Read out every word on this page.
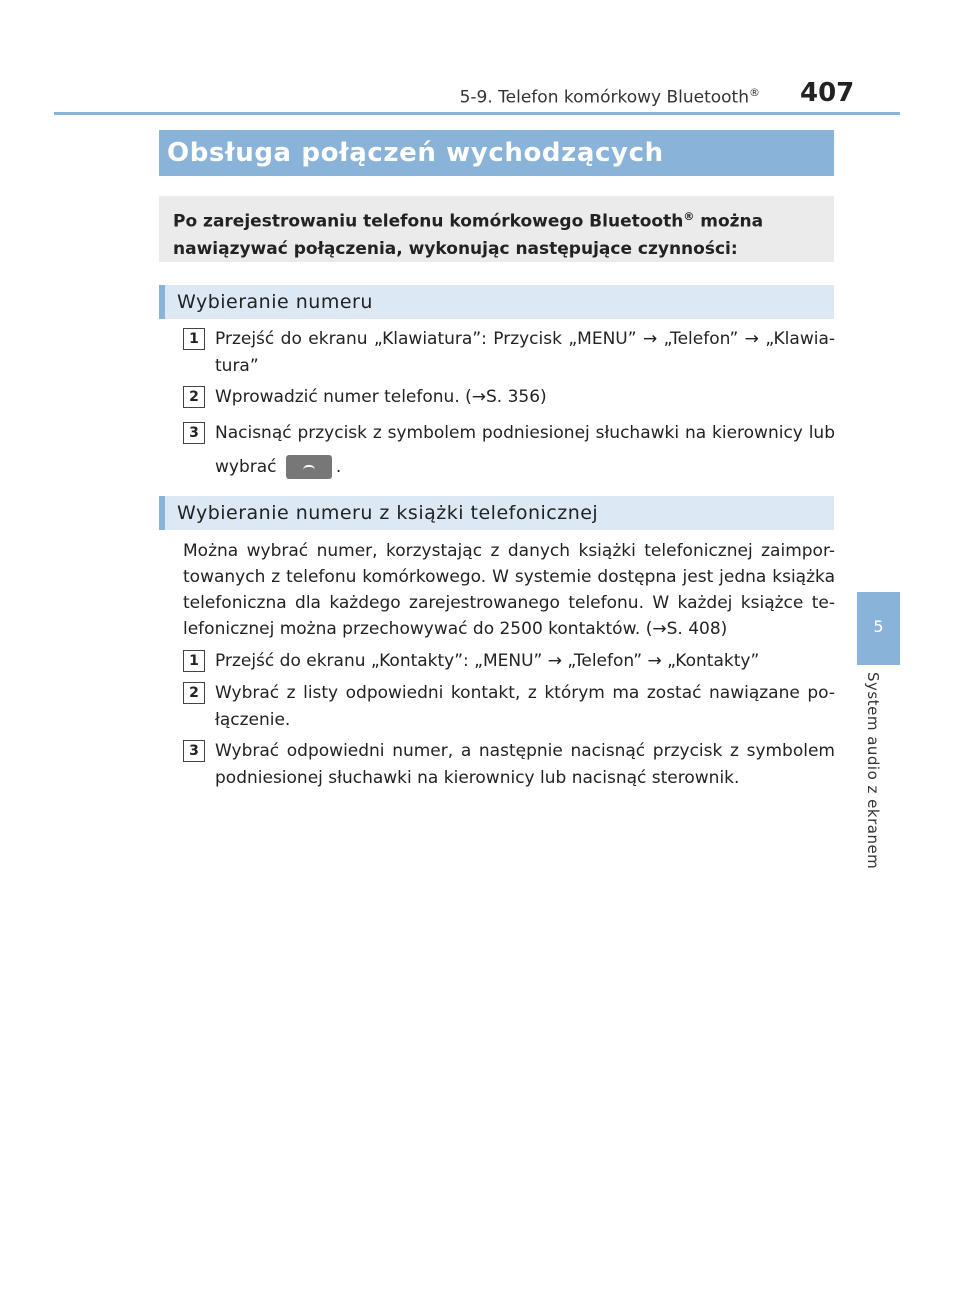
5-9. Telefon komórkowy Bluetooth® 407
5
System audio z ekranem
Obsługa połączeń wychodzących
Po zarejestrowaniu telefonu komórkowego Bluetooth® można nawiązywać połączenia, wykonując następujące czynności:
Wybieranie numeru
1 Przejść do ekranu „Klawiatura”: Przycisk „MENU” → „Telefon” → „Klawia-tura”
2 Wprowadzić numer telefonu. (→S. 356)
3 Nacisnąć przycisk z symbolem podniesionej słuchawki na kierownicy lub wybrać	.
Wybieranie numeru z książki telefonicznej
Można wybrać numer, korzystając z danych książki telefonicznej zaimpor-towanych z telefonu komórkowego. W systemie dostępna jest jedna książka telefoniczna dla każdego zarejestrowanego telefonu. W każdej książce te-lefonicznej można przechowywać do 2500 kontaktów. (→S. 408)
1 Przejść do ekranu „Kontakty”: „MENU” → „Telefon” → „Kontakty”
2 Wybrać z listy odpowiedni kontakt, z którym ma zostać nawiązane po-łączenie.
3 Wybrać odpowiedni numer, a następnie nacisnąć przycisk z symbolem podniesionej słuchawki na kierownicy lub nacisnąć sterownik.
